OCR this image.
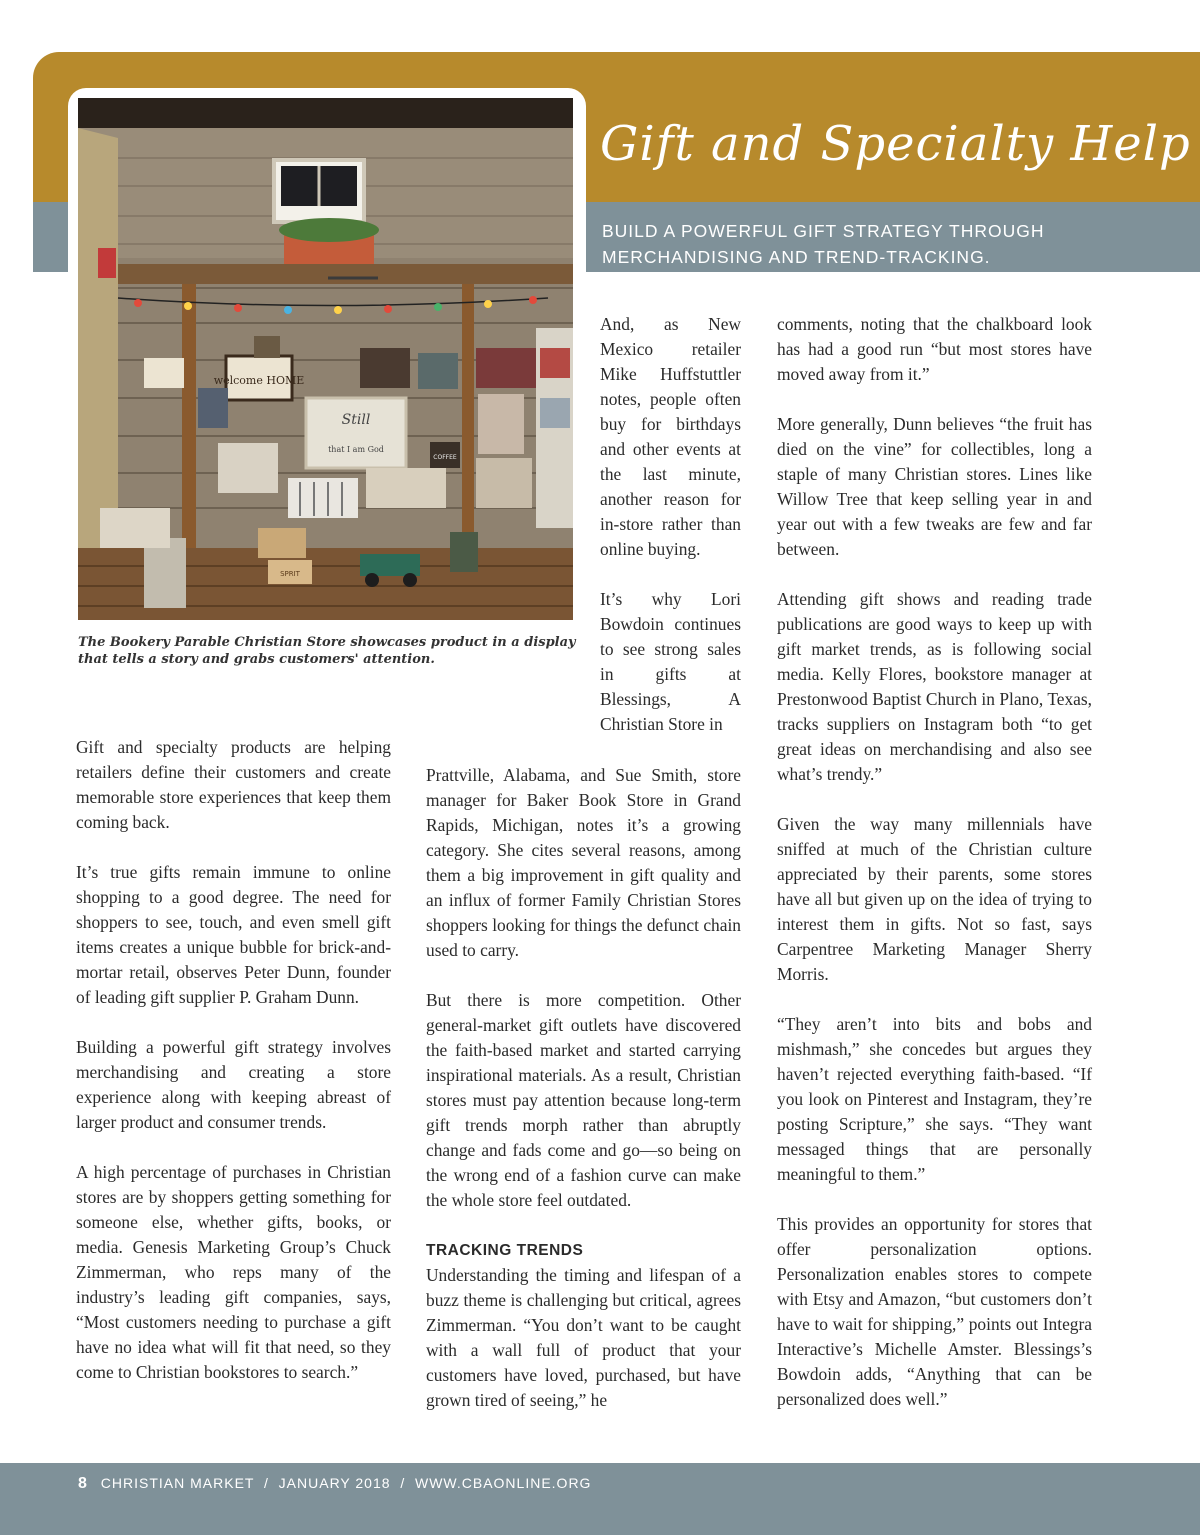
Gift and Specialty Help
BUILD A POWERFUL GIFT STRATEGY THROUGH MERCHANDISING AND TREND-TRACKING.
welcome HOME
Still
that I am God
COFFEE
SPRIT
The Bookery Parable Christian Store showcases product in a display that tells a story and grabs customers' attention.

Gift and specialty products are helping retailers define their customers and create memorable store experiences that keep them coming back.

It’s true gifts remain immune to online shopping to a good degree. The need for shoppers to see, touch, and even smell gift items creates a unique bubble for brick-and-mortar retail, observes Peter Dunn, founder of leading gift supplier P. Graham Dunn.

Building a powerful gift strategy involves merchandising and creating a store experience along with keeping abreast of larger product and consumer trends.

A high percentage of purchases in Christian stores are by shoppers getting something for someone else, whether gifts, books, or media. Genesis Marketing Group’s Chuck Zimmerman, who reps many of the industry’s leading gift companies, says, “Most customers needing to purchase a gift have no idea what will fit that need, so they come to Christian bookstores to search.”

And, as New Mexico retailer Mike Huffstuttler notes, people often buy for birthdays and other events at the last minute, another reason for in-store rather than online buying.

It’s why Lori Bowdoin continues to see strong sales in gifts at Blessings, A Christian Store in

Prattville, Alabama, and Sue Smith, store manager for Baker Book Store in Grand Rapids, Michigan, notes it’s a growing category. She cites several reasons, among them a big improvement in gift quality and an influx of former Family Christian Stores shoppers looking for things the defunct chain used to carry.

But there is more competition. Other general-market gift outlets have discovered the faith-based market and started carrying inspirational materials. As a result, Christian stores must pay attention because long-term gift trends morph rather than abruptly change and fads come and go—so being on the wrong end of a fashion curve can make the whole store feel outdated.

TRACKING TRENDS

Understanding the timing and lifespan of a buzz theme is challenging but critical, agrees Zimmerman. “You don’t want to be caught with a wall full of product that your customers have loved, purchased, but have grown tired of seeing,” he

comments, noting that the chalkboard look has had a good run “but most stores have moved away from it.”

More generally, Dunn believes “the fruit has died on the vine” for collectibles, long a staple of many Christian stores. Lines like Willow Tree that keep selling year in and year out with a few tweaks are few and far between.

Attending gift shows and reading trade publications are good ways to keep up with gift market trends, as is following social media. Kelly Flores, bookstore manager at Prestonwood Baptist Church in Plano, Texas, tracks suppliers on Instagram both “to get great ideas on merchandising and also see what’s trendy.”

Given the way many millennials have sniffed at much of the Christian culture appreciated by their parents, some stores have all but given up on the idea of trying to interest them in gifts. Not so fast, says Carpentree Marketing Manager Sherry Morris.

“They aren’t into bits and bobs and mishmash,” she concedes but argues they haven’t rejected everything faith-based. “If you look on Pinterest and Instagram, they’re posting Scripture,” she says. “They want messaged things that are personally meaningful to them.”

This provides an opportunity for stores that offer personalization options. Personalization enables stores to compete with Etsy and Amazon, “but customers don’t have to wait for shipping,” points out Integra Interactive’s Michelle Amster. Blessings’s Bowdoin adds, “Anything that can be personalized does well.”

8 CHRISTIAN MARKET  /  JANUARY 2018  /  WWW.CBAONLINE.ORG
